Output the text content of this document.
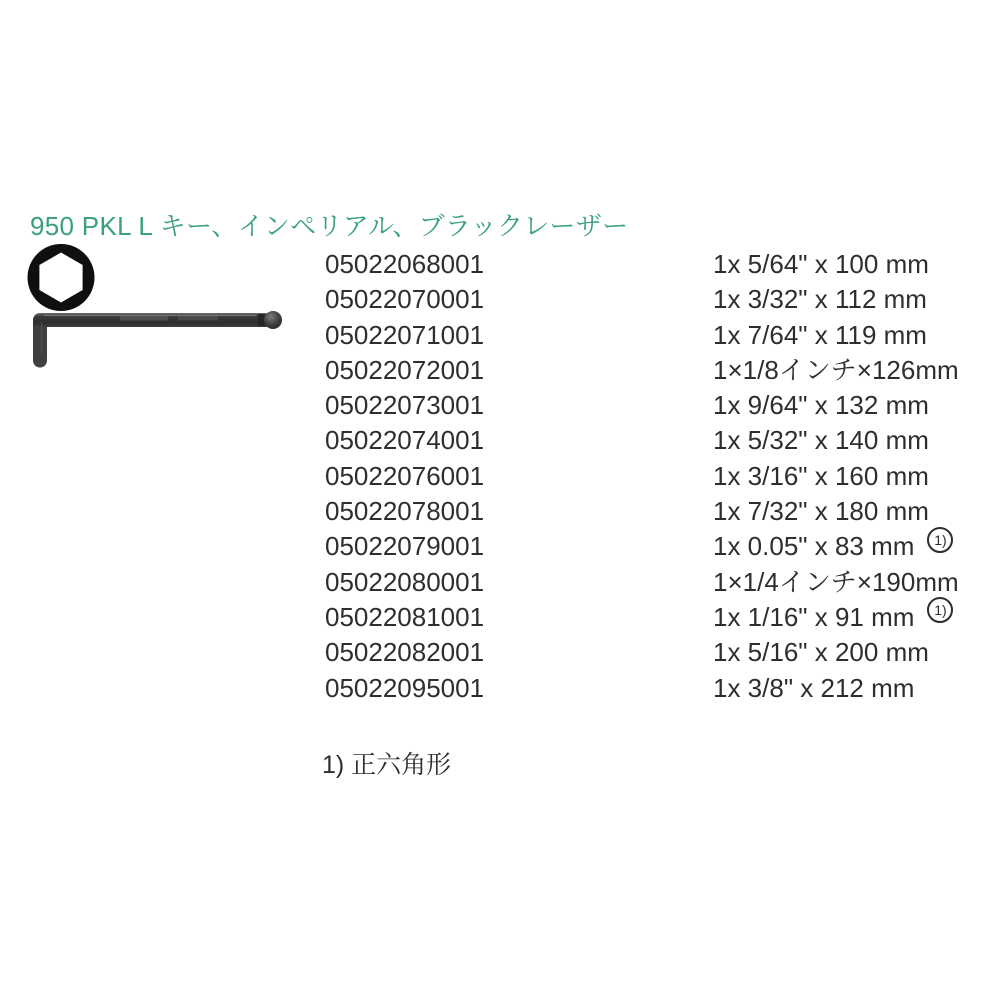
950 PKL L キー、インペリアル、ブラックレーザー
05022068001	1x 5/64" x 100 mm
05022070001	1x 3/32" x 112 mm
05022071001	1x 7/64" x 119 mm
05022072001	1×1/8インチ×126mm
05022073001	1x 9/64" x 132 mm
05022074001	1x 5/32" x 140 mm
05022076001	1x 3/16" x 160 mm
05022078001	1x 7/32" x 180 mm
05022079001	1x 0.05" x 83 mm 1)
05022080001	1×1/4インチ×190mm
05022081001	1x 1/16" x 91 mm 1)
05022082001	1x 5/16" x 200 mm
05022095001	1x 3/8" x 212 mm
1) 正六角形
